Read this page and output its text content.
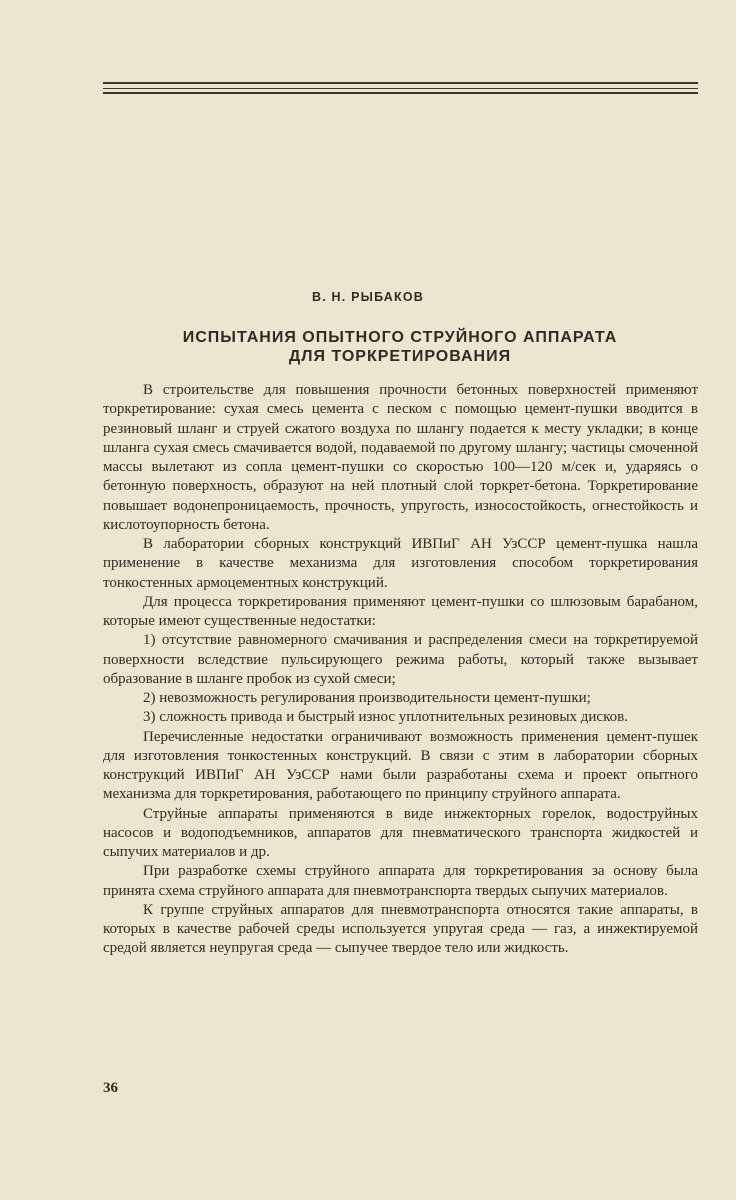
В. Н. РЫБАКОВ
ИСПЫТАНИЯ ОПЫТНОГО СТРУЙНОГО АППАРАТА
ДЛЯ ТОРКРЕТИРОВАНИЯ

В строительстве для повышения прочности бетонных поверхностей применяют торкретирование: сухая смесь цемента с песком с помощью цемент-пушки вводится в резиновый шланг и струей сжатого воздуха по шлангу подается к месту укладки; в конце шланга сухая смесь смачивается водой, подаваемой по другому шлангу; частицы смоченной массы вылетают из сопла цемент-пушки со скоростью 100—120 м/сек и, ударяясь о бетонную поверхность, образуют на ней плотный слой торкрет-бетона. Торкретирование повышает водонепроницаемость, прочность, упругость, износостойкость, огнестойкость и кислотоупорность бетона.

В лаборатории сборных конструкций ИВПиГ АН УзССР цемент-пушка нашла применение в качестве механизма для изготовления способом торкретирования тонкостенных армоцементных конструкций.

Для процесса торкретирования применяют цемент-пушки со шлюзовым барабаном, которые имеют существенные недостатки:

1) отсутствие равномерного смачивания и распределения смеси на торкретируемой поверхности вследствие пульсирующего режима работы, который также вызывает образование в шланге пробок из сухой смеси;

2) невозможность регулирования производительности цемент-пушки;

3) сложность привода и быстрый износ уплотнительных резиновых дисков.

Перечисленные недостатки ограничивают возможность применения цемент-пушек для изготовления тонкостенных конструкций. В связи с этим в лаборатории сборных конструкций ИВПиГ АН УзССР нами были разработаны схема и проект опытного механизма для торкретирования, работающего по принципу струйного аппарата.

Струйные аппараты применяются в виде инжекторных горелок, водоструйных насосов и водоподъемников, аппаратов для пневматического транспорта жидкостей и сыпучих материалов и др.

При разработке схемы струйного аппарата для торкретирования за основу была принята схема струйного аппарата для пневмотранспорта твердых сыпучих материалов.

К группе струйных аппаратов для пневмотранспорта относятся такие аппараты, в которых в качестве рабочей среды используется упругая среда — газ, а инжектируемой средой является неупругая среда — сыпучее твердое тело или жидкость.

36
